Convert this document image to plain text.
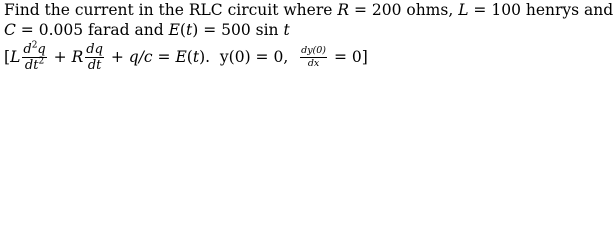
Find the current in the RLC circuit where R = 200 ohms, L = 100 henrys and
C = 0.005 farad and E(t) = 500 sin t
[ L $\frac{d^2q}{dt^2} + R \frac{dq}{dt} + q/c = E$ ( t ) .  y(0) = 0, $\frac{dy(0)}{dx} = 0$ ]
